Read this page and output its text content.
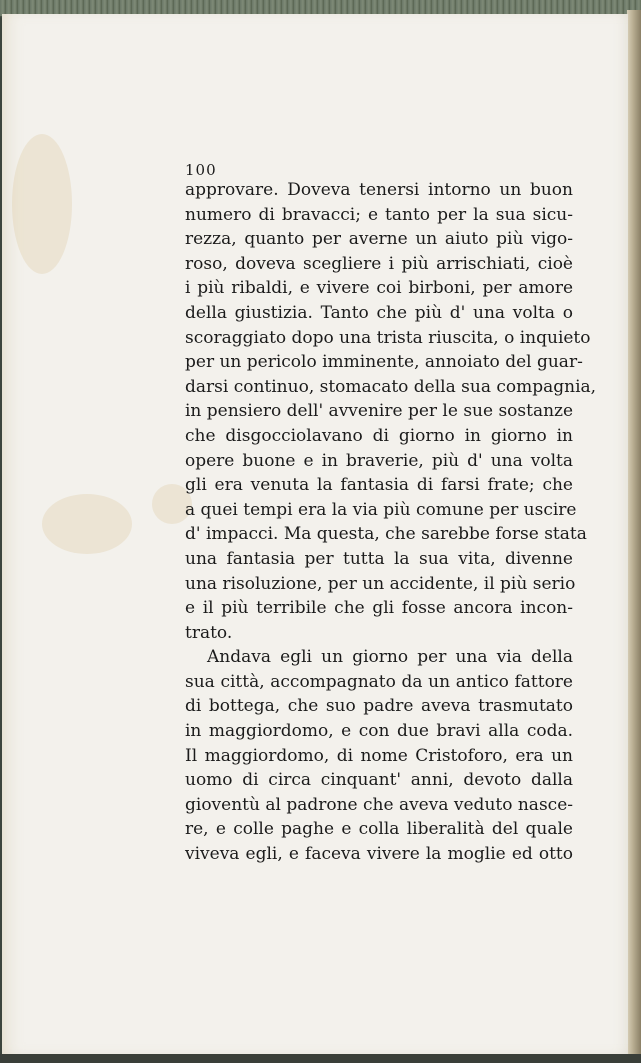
100
approvare. Doveva tenersi intorno un buon
numero di bravacci; e tanto per la sua sicu-
rezza, quanto per averne un aiuto più vigo-
roso, doveva scegliere i più arrischiati, cioè
i più ribaldi, e vivere coi birboni, per amore
della giustizia. Tanto che più d' una volta o
scoraggiato dopo una trista riuscita, o inquieto
per un pericolo imminente, annoiato del guar-
darsi continuo, stomacato della sua compagnia,
in pensiero dell' avvenire per le sue sostanze
che disgocciolavano di giorno in giorno in
opere buone e in braverie, più d' una volta
gli era venuta la fantasia di farsi frate; che
a quei tempi era la via più comune per uscire
d' impacci. Ma questa, che sarebbe forse stata
una fantasia per tutta la sua vita, divenne
una risoluzione, per un accidente, il più serio
e il più terribile che gli fosse ancora incon-
trato.
Andava egli un giorno per una via della
sua città, accompagnato da un antico fattore
di bottega, che suo padre aveva trasmutato
in maggiordomo, e con due bravi alla coda.
Il maggiordomo, di nome Cristoforo, era un
uomo di circa cinquant' anni, devoto dalla
gioventù al padrone che aveva veduto nasce-
re, e colle paghe e colla liberalità del quale
viveva egli, e faceva vivere la moglie ed otto
